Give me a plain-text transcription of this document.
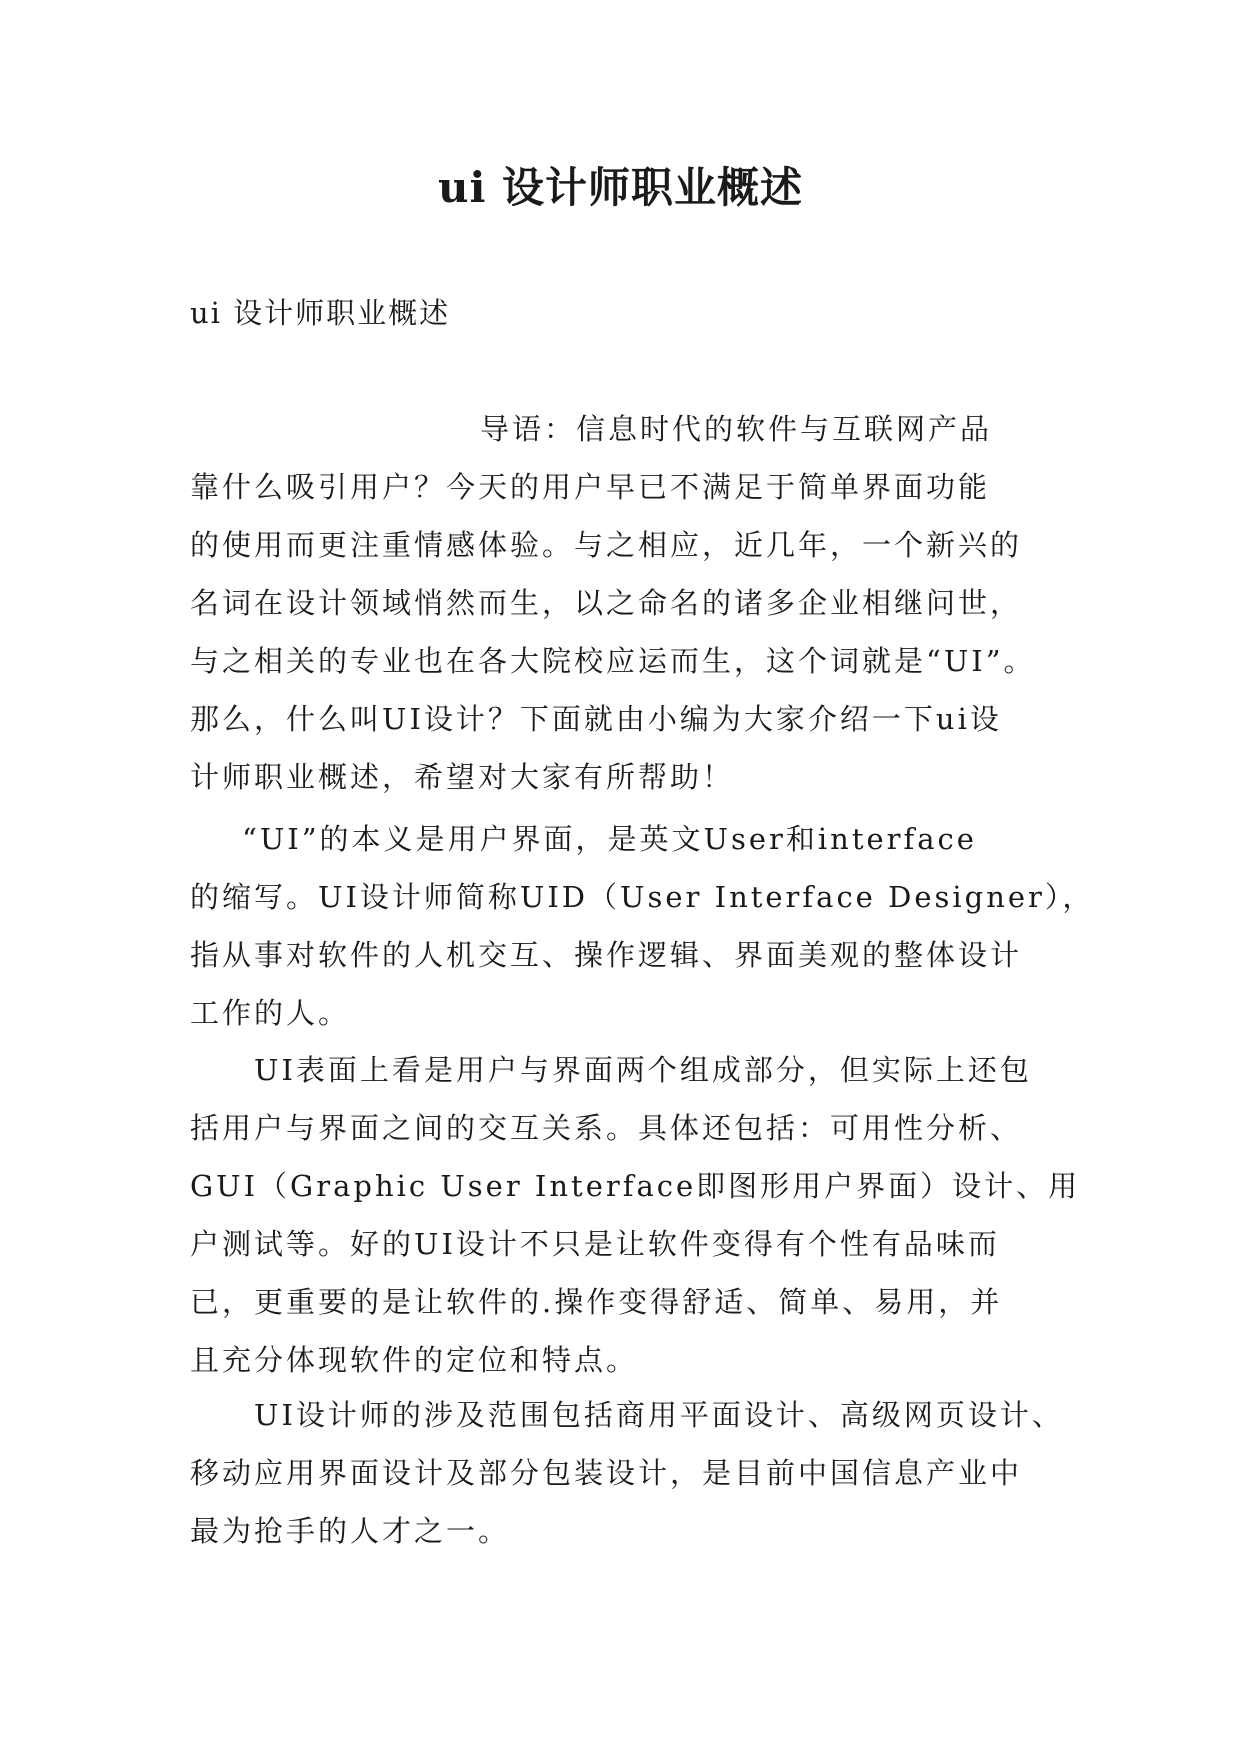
ui 设计师职业概述

ui 设计师职业概述

导语：信息时代的软件与互联网产品
靠什么吸引用户？今天的用户早已不满足于简单界面功能
的使用而更注重情感体验。与之相应，近几年，一个新兴的
名词在设计领域悄然而生，以之命名的诸多企业相继问世，
与之相关的专业也在各大院校应运而生，这个词就是“UI”。
那么，什么叫UI设计？下面就由小编为大家介绍一下ui设
计师职业概述，希望对大家有所帮助！

“UI”的本义是用户界面，是英文User和interface
的缩写。UI设计师简称UID（User Interface Designer），
指从事对软件的人机交互、操作逻辑、界面美观的整体设计
工作的人。

UI表面上看是用户与界面两个组成部分，但实际上还包
括用户与界面之间的交互关系。具体还包括：可用性分析、
GUI（Graphic User Interface即图形用户界面）设计、用
户测试等。好的UI设计不只是让软件变得有个性有品味而
已，更重要的是让软件的.操作变得舒适、简单、易用，并
且充分体现软件的定位和特点。

UI设计师的涉及范围包括商用平面设计、高级网页设计、
移动应用界面设计及部分包装设计，是目前中国信息产业中
最为抢手的人才之一。
